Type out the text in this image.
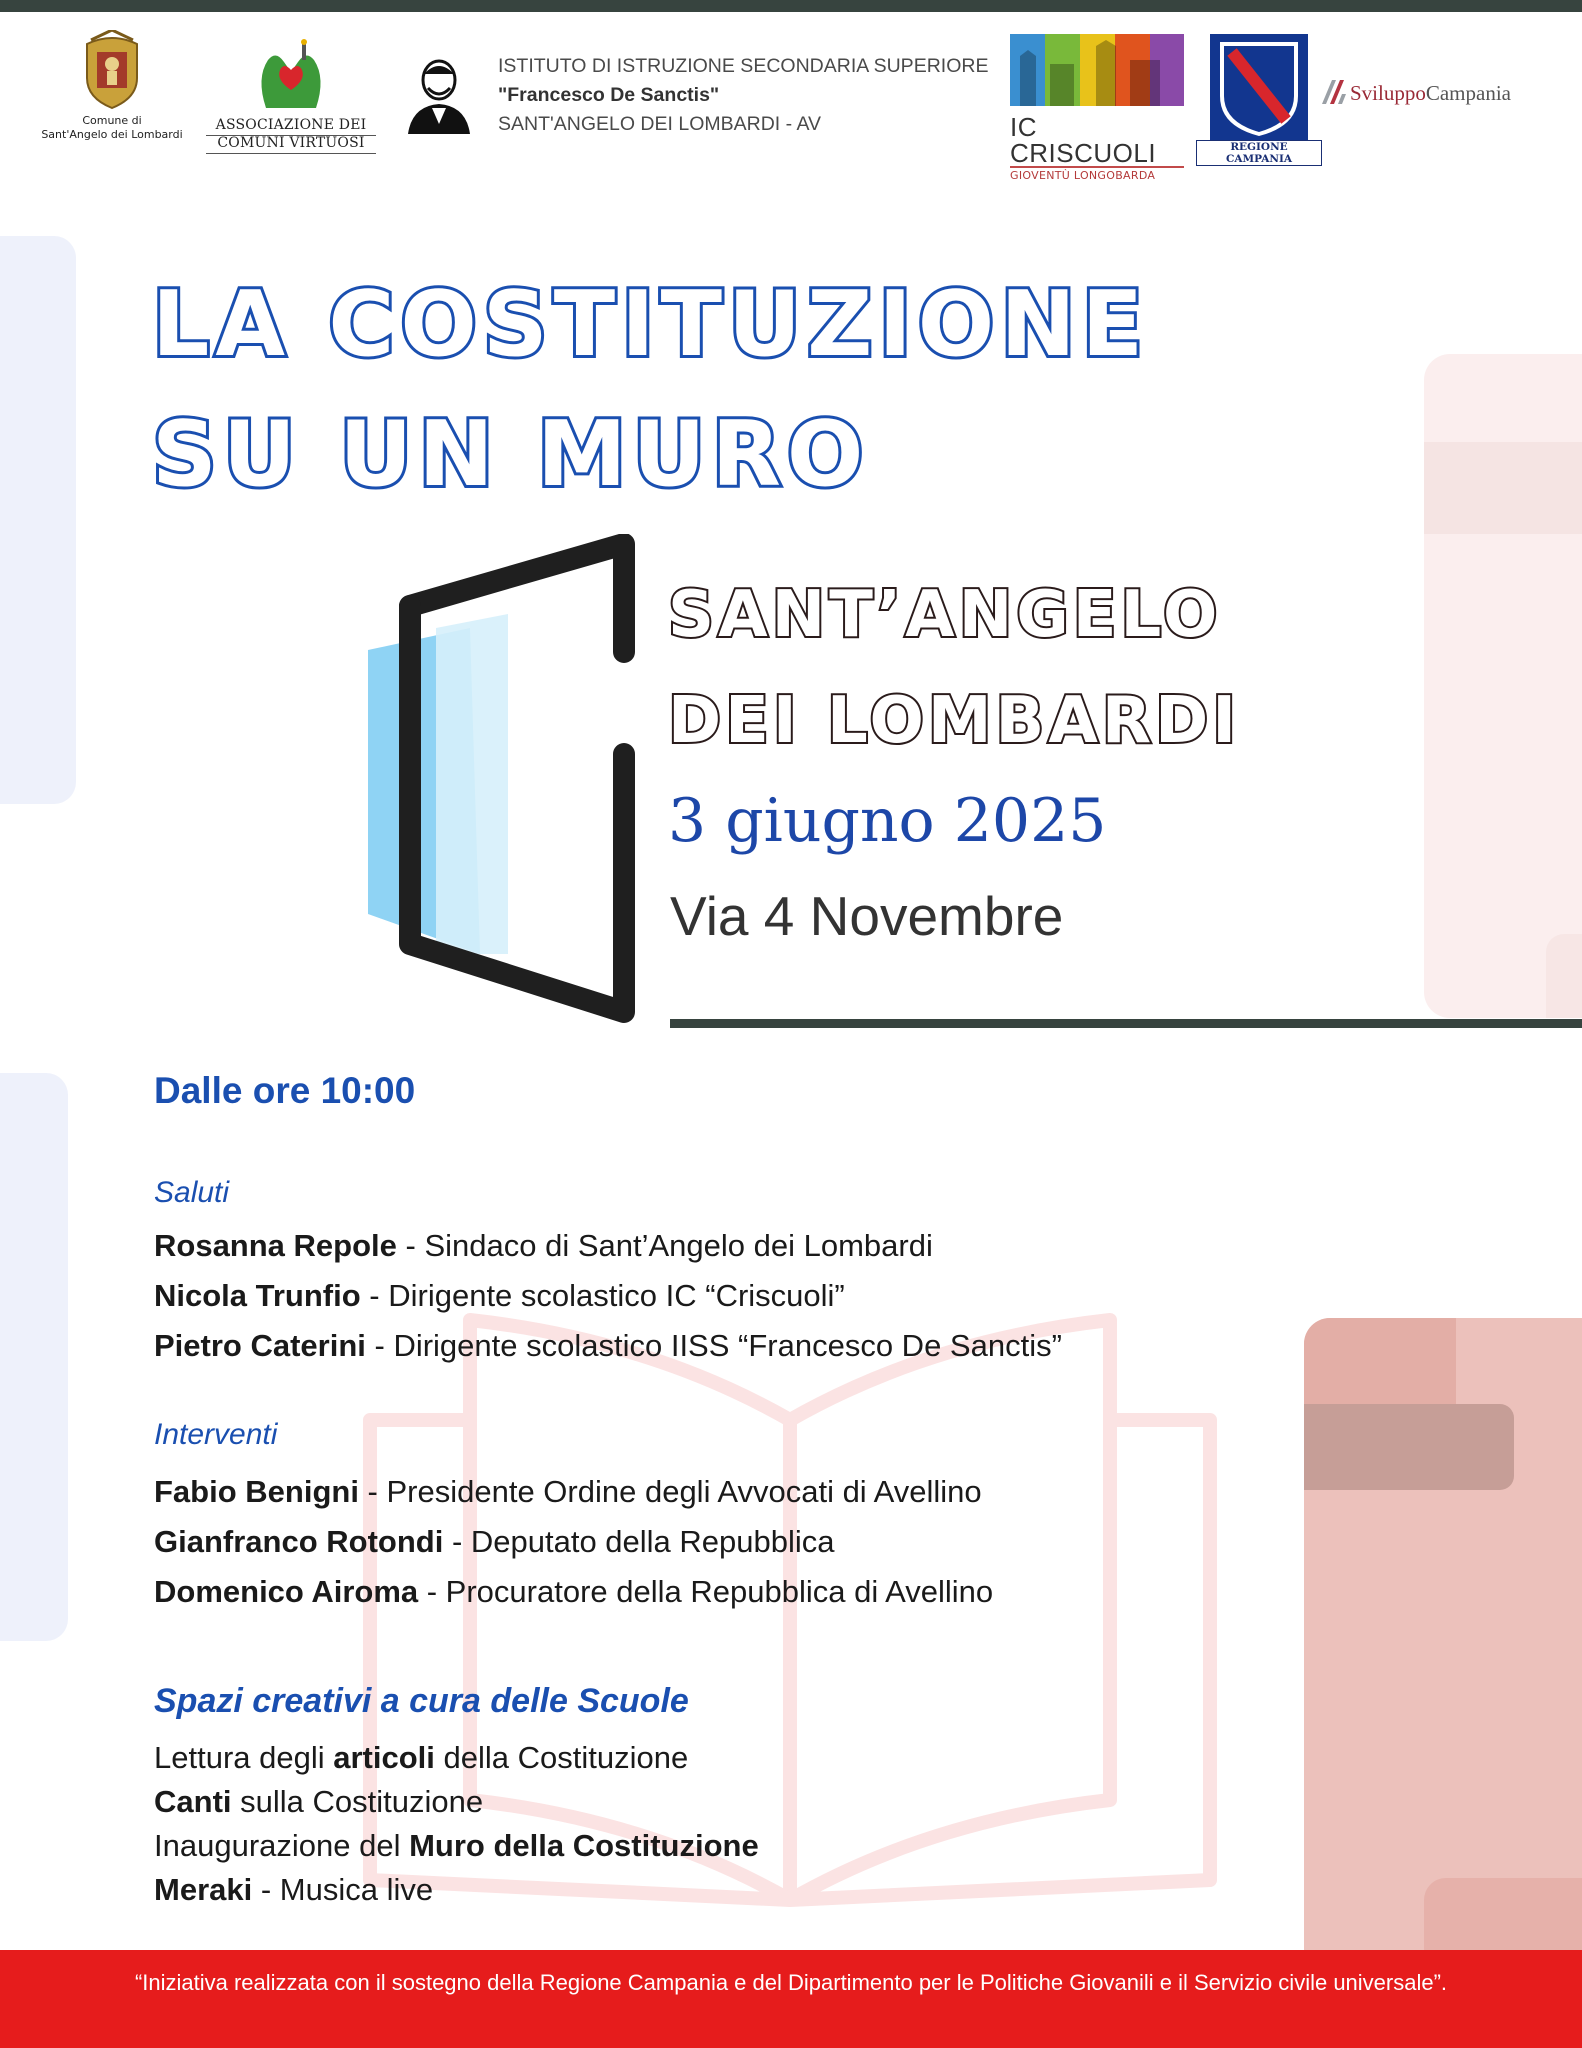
Comune di
Sant'Angelo dei Lombardi
ASSOCIAZIONE DEI
COMUNI VIRTUOSI
ISTITUTO DI ISTRUZIONE SECONDARIA SUPERIORE
"Francesco De Sanctis"
SANT'ANGELO DEI LOMBARDI - AV	IC CRISCUOLI
GIOVENTÙ LONGOBARDA
REGIONE CAMPANIA
SviluppoCampania
LA COSTITUZIONE
SU UN MURO
SANT’ANGELO
DEI LOMBARDI
3 giugno 2025
Via 4 Novembre
Dalle ore 10:00
Saluti
Rosanna Repole - Sindaco di Sant’Angelo dei Lombardi
Nicola Trunfio - Dirigente scolastico IC “Criscuoli”
Pietro Caterini - Dirigente scolastico IISS “Francesco De Sanctis”
Interventi
Fabio Benigni - Presidente Ordine degli Avvocati di Avellino
Gianfranco Rotondi - Deputato della Repubblica
Domenico Airoma - Procuratore della Repubblica di Avellino
Spazi creativi a cura delle Scuole
Lettura degli articoli della Costituzione
Canti sulla Costituzione
Inaugurazione del Muro della Costituzione
Meraki - Musica live
“Iniziativa realizzata con il sostegno della Regione Campania e del Dipartimento per le Politiche Giovanili e il Servizio civile universale”.
